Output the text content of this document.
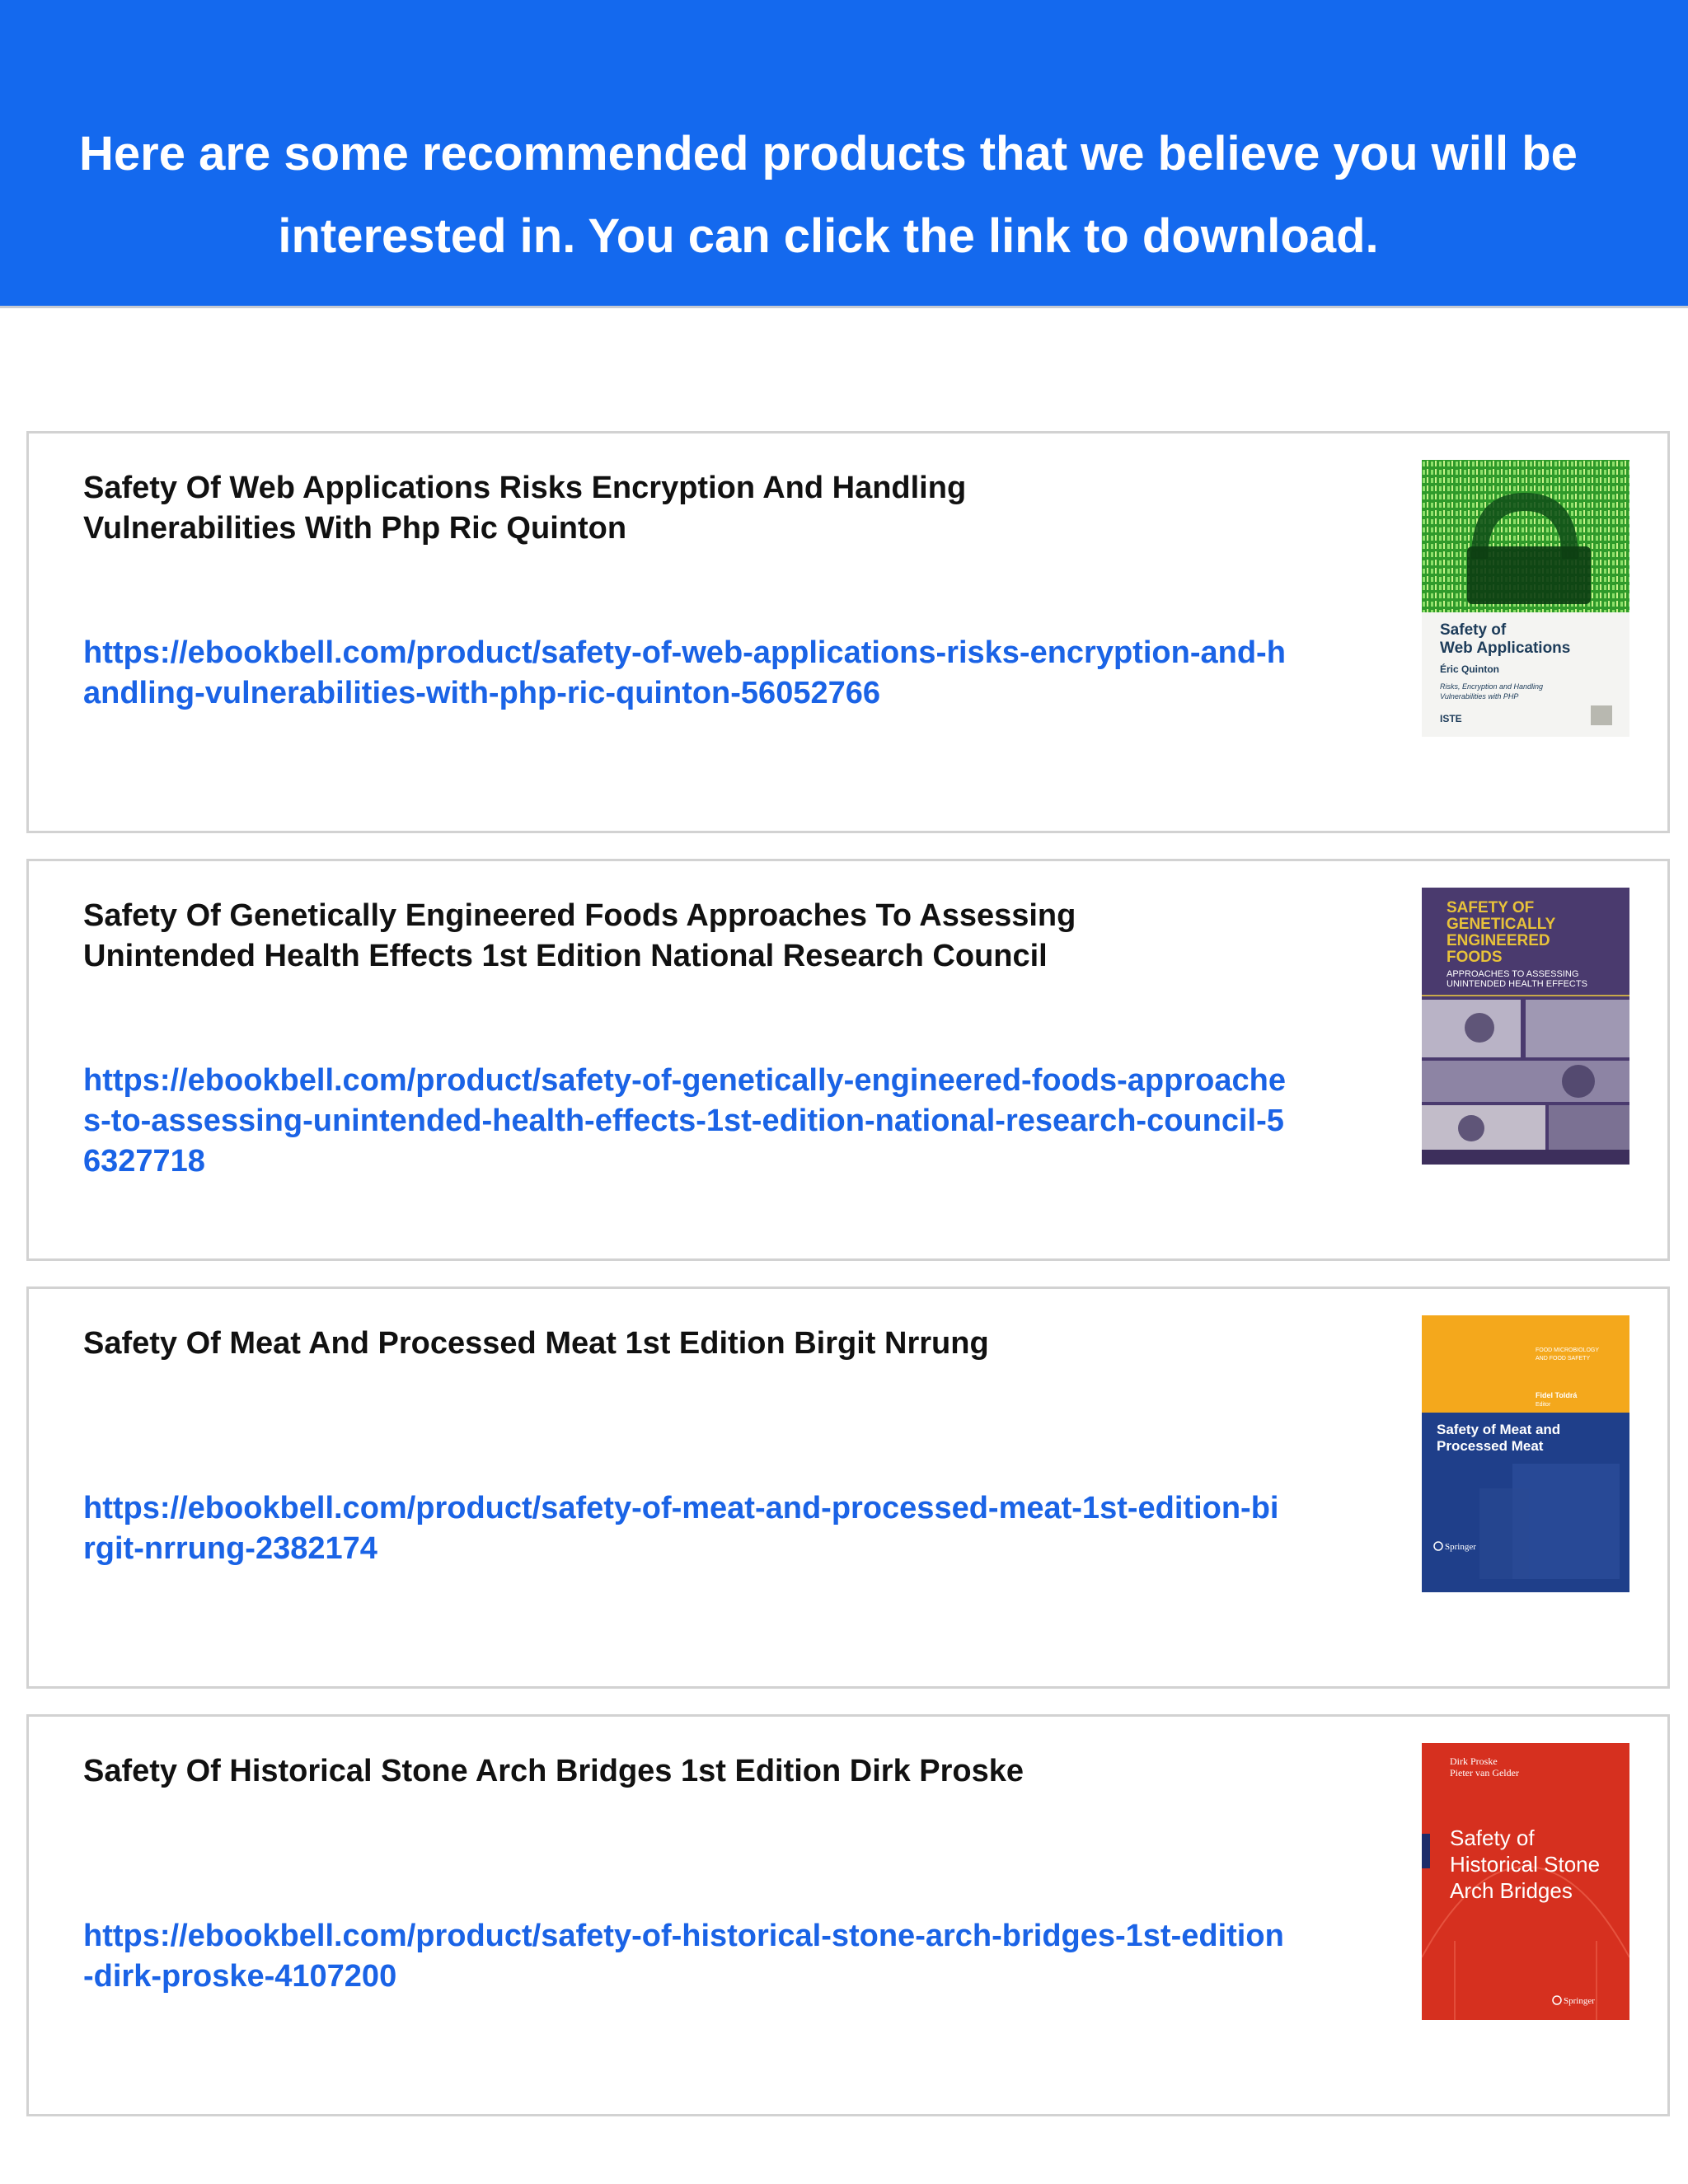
Here are some recommended products that we believe you will be
interested in. You can click the link to download.
Safety Of Web Applications Risks Encryption And Handling Vulnerabilities With Php Ric Quinton
https://ebookbell.com/product/safety-of-web-applications-risks-encryption-and-handling-vulnerabilities-with-php-ric-quinton-56052766
Safety of
Web Applications
Éric Quinton
Risks, Encryption and Handling
Vulnerabilities with PHP
ISTE
Safety Of Genetically Engineered Foods Approaches To Assessing Unintended Health Effects 1st Edition National Research Council
https://ebookbell.com/product/safety-of-genetically-engineered-foods-approaches-to-assessing-unintended-health-effects-1st-edition-national-research-council-56327718
SAFETY OF
GENETICALLY
ENGINEERED
FOODS
APPROACHES TO ASSESSING
UNINTENDED HEALTH EFFECTS
Safety Of Meat And Processed Meat 1st Edition Birgit Nrrung
https://ebookbell.com/product/safety-of-meat-and-processed-meat-1st-edition-birgit-nrrung-2382174
FOOD MICROBIOLOGY
AND FOOD SAFETY
Fidel Toldrá
Editor
Safety of Meat and
Processed Meat
Springer
Safety Of Historical Stone Arch Bridges 1st Edition Dirk Proske
https://ebookbell.com/product/safety-of-historical-stone-arch-bridges-1st-edition-dirk-proske-4107200
Dirk Proske
Pieter van Gelder
Safety of
Historical Stone
Arch Bridges
Springer
